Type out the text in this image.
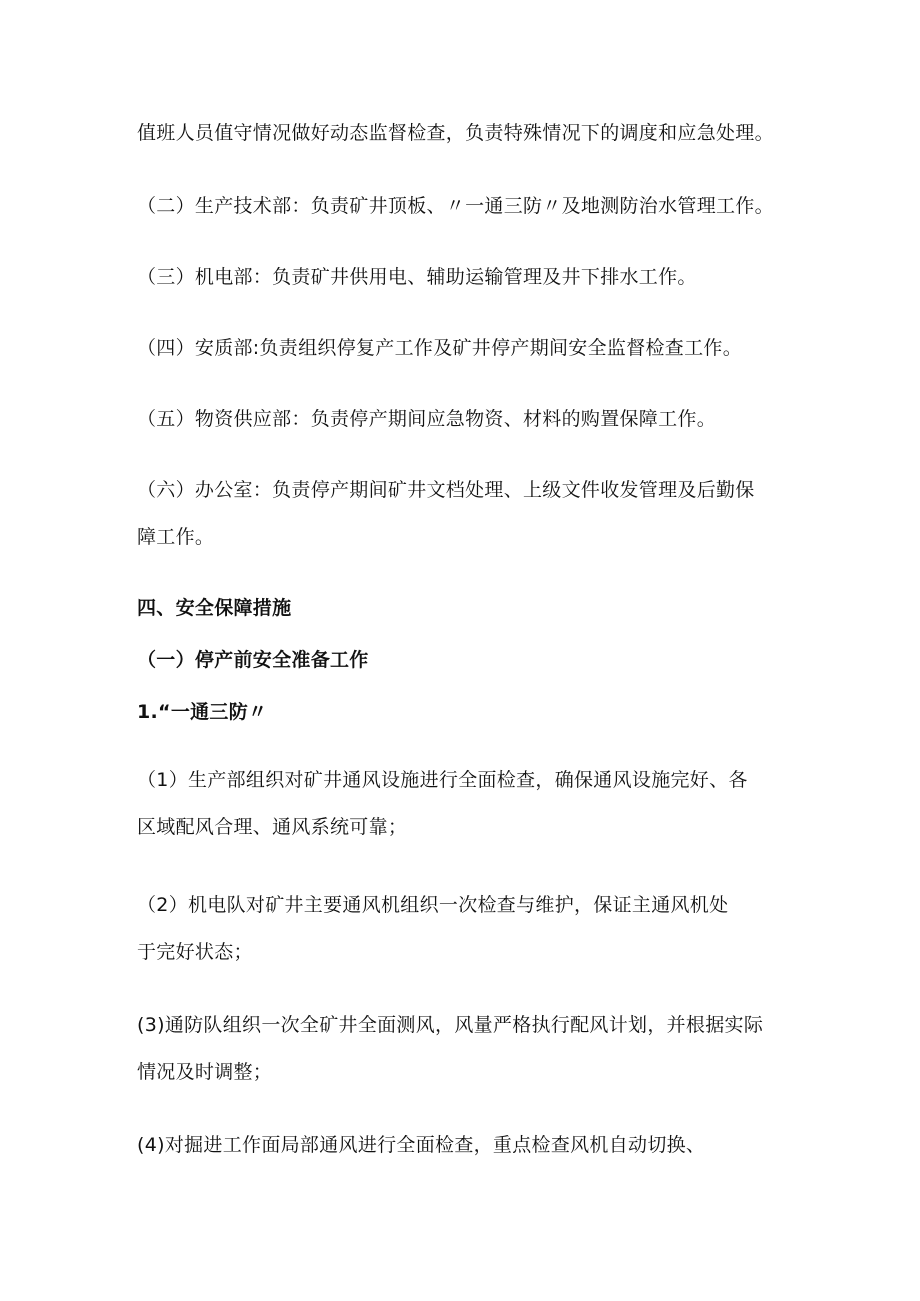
值班人员值守情况做好动态监督检查，负责特殊情况下的调度和应急处理。

（二）生产技术部：负责矿井顶板、〃一通三防〃及地测防治水管理工作。

（三）机电部：负责矿井供用电、辅助运输管理及井下排水工作。

（四）安质部:负责组织停复产工作及矿井停产期间安全监督检查工作。

（五）物资供应部：负责停产期间应急物资、材料的购置保障工作。

（六）办公室：负责停产期间矿井文档处理、上级文件收发管理及后勤保

障工作。

四、安全保障措施

（一）停产前安全准备工作

1.“一通三防〃

（1）生产部组织对矿井通风设施进行全面检查，确保通风设施完好、各

区域配风合理、通风系统可靠；

（2）机电队对矿井主要通风机组织一次检查与维护，保证主通风机处

于完好状态；

(3)通防队组织一次全矿井全面测风，风量严格执行配风计划，并根据实际

情况及时调整；

(4)对掘进工作面局部通风进行全面检查，重点检查风机自动切换、
